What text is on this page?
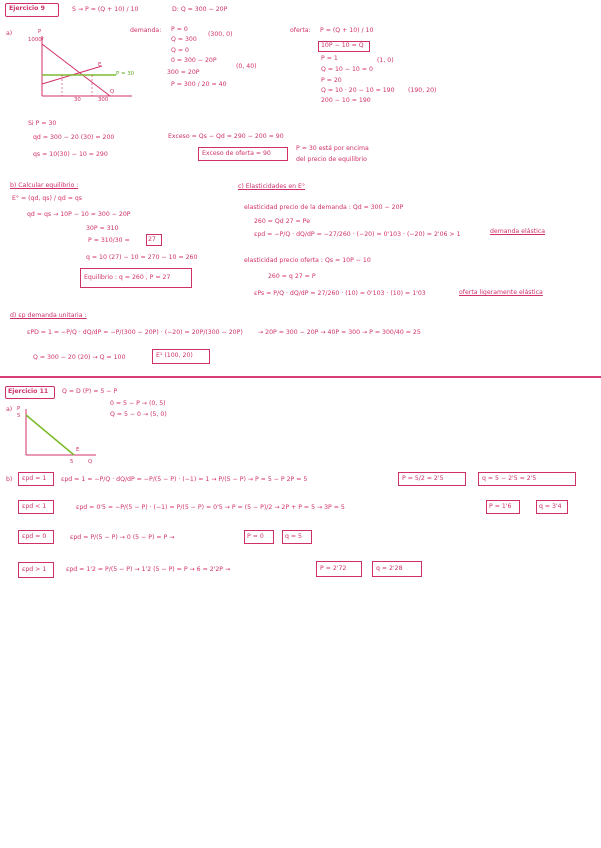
Ejercicio 9	S → P = (Q + 10) / 10	D: Q = 300 − 20P
a)	P
1000/
P = 30
E
30	300
Q
demanda: P = 0
Q = 300
(300, 0)
Q = 0
0 = 300 − 20P
300 = 20P
(0, 40)
P = 300 / 20 = 40
oferta: P = (Q + 10) / 10
10P − 10 = Q
P = 1	(1, 0)
Q = 10 − 10 = 0
P = 20
Q = 10 · 20 − 10 = 190 (190, 20)
200 − 10 = 190
Si P = 30
qd = 300 − 20 (30) = 200
qs = 10(30) − 10 = 290
Exceso = Qs − Qd = 290 − 200 = 90
Exceso de oferta = 90
P = 30 está por encima
del precio de equilibrio
b) Calcular equilibrio :
E° = (qd, qs) / qd = qs
qd = qs → 10P − 10 = 300 − 20P
30P = 310
P = 310/30 =	27
q = 10 (27) − 10 = 270 − 10 = 260
Equilibrio : q = 260 , P = 27
c) Elasticidades en E°
elasticidad precio de la demanda : Qd = 300 − 20P
260 = Qd 27 = Pe
εpd = −P/Q · dQ/dP = −27/260 · (−20) = 0'103 · (−20) = 2'06 > 1	demanda elástica
elasticidad precio oferta : Qs = 10P − 10
260 = q 27 = P
εPs = P/Q · dQ/dP = 27/260 · (10) = 0'103 · (10) = 1'03	oferta ligeramente elástica
d) εp demanda unitaria :
εPD = 1 = −P/Q · dQ/dP = −P/(300 − 20P) · (−20) = 20P/(300 − 20P) → 20P = 300 − 20P → 40P = 300 → P = 300/40 = 25
Q = 300 − 20 (20) → Q = 100	E¹ (100, 20)
Ejercicio 11 Q = D (P) = 5 − P
0 = 5 − P → (0, 5)
Q = 5 − 0 → (5, 0)
a) P
5
E
5	Q
b) εpd = 1 εpd = 1 = −P/Q · dQ/dP = −P/(5 − P) · (−1) = 1 → P/(5 − P) → P = 5 − P 2P = 5	P = 5/2 = 2'5	q = 5 − 2'5 = 2'5
εpd < 1	εpd = 0'5 = −P/(5 − P) · (−1) = P/(5 − P) = 0'5 → P = (5 − P)/2 → 2P + P = 5 → 3P = 5	P = 1'6	q = 3'4
εpd = 0	εpd = P/(5 − P) → 0 (5 − P) = P →	P = 0	q = 5
εpd > 1	εpd = 1'2 = P/(5 − P) → 1'2 (5 − P) = P → 6 = 2'2P →	P = 2'72	q = 2'28
